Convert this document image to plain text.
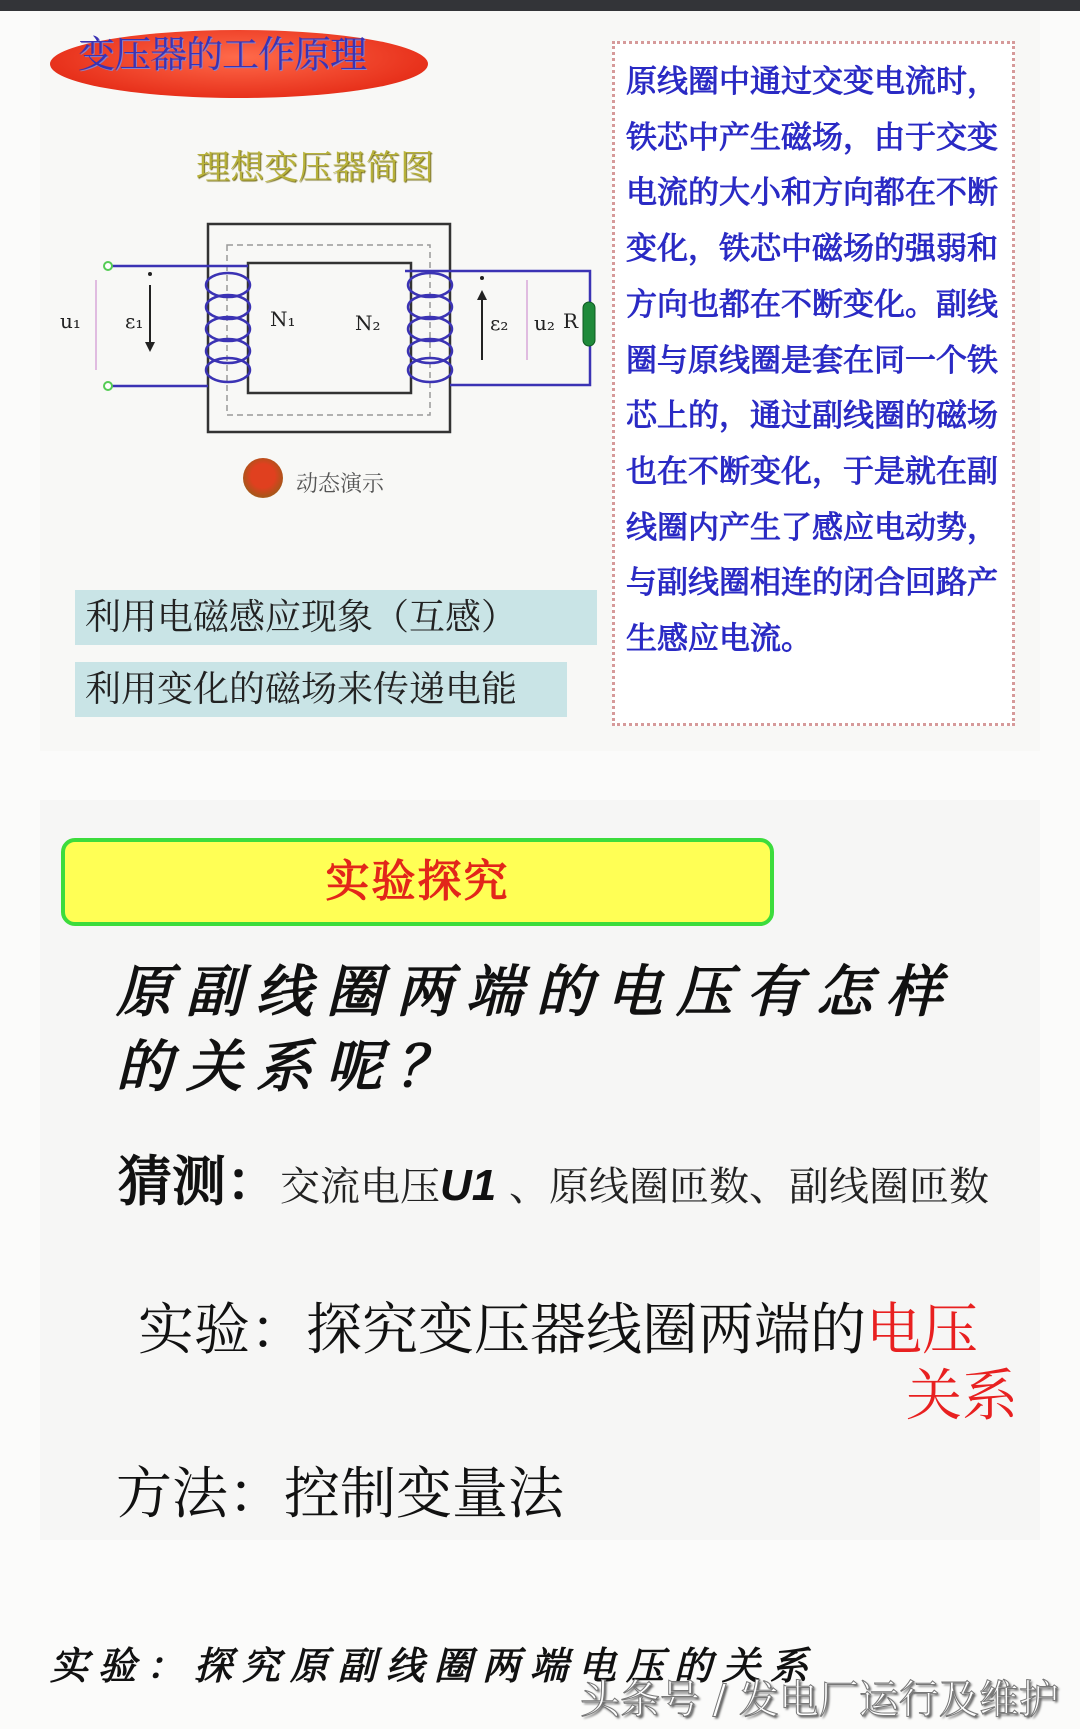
变压器的工作原理
理想变压器简图
u₁ ε₁	N₁	N₂	ε₂ u₂ R
动态演示
利用电磁感应现象（互感）
利用变化的磁场来传递电能
原线圈中通过交变电流时，铁芯中产生磁场，由于交变电流的大小和方向都在不断变化，铁芯中磁场的强弱和方向也都在不断变化。副线圈与原线圈是套在同一个铁芯上的，通过副线圈的磁场也在不断变化，于是就在副线圈内产生了感应电动势，与副线圈相连的闭合回路产生感应电流。
实验探究
原副线圈两端的电压有怎样的关系呢？
猜测：交流电压U1 、原线圈匝数、副线圈匝数
实验：探究变压器线圈两端的电压
关系
方法：控制变量法
实验：探究原副线圈两端电压的关系
头条号 / 发电厂运行及维护
